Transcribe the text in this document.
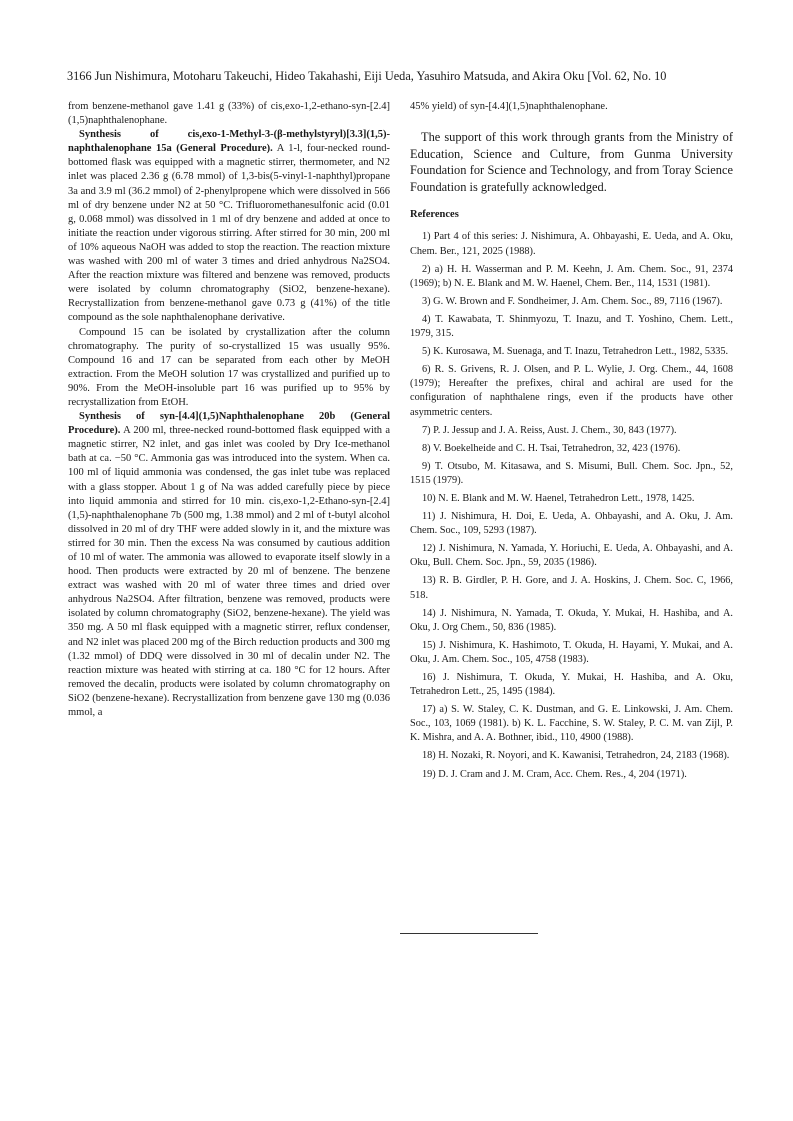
3166 Jun Nishimura, Motoharu Takeuchi, Hideo Takahashi, Eiji Ueda, Yasuhiro Matsuda, and Akira Oku [Vol. 62, No. 10

from benzene-methanol gave 1.41 g (33%) of cis,exo-1,2-ethano-syn-[2.4](1,5)naphthalenophane.

Synthesis of cis,exo-1-Methyl-3-(β-methylstyryl)[3.3](1,5)-naphthalenophane 15a (General Procedure). A 1-l, four-necked round-bottomed flask was equipped with a magnetic stirrer, thermometer, and N2 inlet was placed 2.36 g (6.78 mmol) of 1,3-bis(5-vinyl-1-naphthyl)propane 3a and 3.9 ml (36.2 mmol) of 2-phenylpropene which were dissolved in 566 ml of dry benzene under N2 at 50 °C. Trifluoromethanesulfonic acid (0.01 g, 0.068 mmol) was dissolved in 1 ml of dry benzene and added at once to initiate the reaction under vigorous stirring. After stirred for 30 min, 200 ml of 10% aqueous NaOH was added to stop the reaction. The reaction mixture was washed with 200 ml of water 3 times and dried anhydrous Na2SO4. After the reaction mixture was filtered and benzene was removed, products were isolated by column chromatography (SiO2, benzene-hexane). Recrystallization from benzene-methanol gave 0.73 g (41%) of the title compound as the sole naphthalenophane derivative.

Compound 15 can be isolated by crystallization after the column chromatography. The purity of so-crystallized 15 was usually 95%. Compound 16 and 17 can be separated from each other by MeOH extraction. From the MeOH solution 17 was crystallized and purified up to 90%. From the MeOH-insoluble part 16 was purified up to 95% by recrystallization from EtOH.

Synthesis of syn-[4.4](1,5)Naphthalenophane 20b (General Procedure). A 200 ml, three-necked round-bottomed flask equipped with a magnetic stirrer, N2 inlet, and gas inlet was cooled by Dry Ice-methanol bath at ca. −50 °C. Ammonia gas was introduced into the system. When ca. 100 ml of liquid ammonia was condensed, the gas inlet tube was replaced with a glass stopper. About 1 g of Na was added carefully piece by piece into liquid ammonia and stirred for 10 min. cis,exo-1,2-Ethano-syn-[2.4](1,5)-naphthalenophane 7b (500 mg, 1.38 mmol) and 2 ml of t-butyl alcohol dissolved in 20 ml of dry THF were added slowly in it, and the mixture was stirred for 30 min. Then the excess Na was consumed by cautious addition of 10 ml of water. The ammonia was allowed to evaporate itself slowly in a hood. Then products were extracted by 20 ml of benzene. The benzene extract was washed with 20 ml of water three times and dried over anhydrous Na2SO4. After filtration, benzene was removed, products were isolated by column chromatography (SiO2, benzene-hexane). The yield was 350 mg. A 50 ml flask equipped with a magnetic stirrer, reflux condenser, and N2 inlet was placed 200 mg of the Birch reduction products and 300 mg (1.32 mmol) of DDQ were dissolved in 30 ml of decalin under N2. The reaction mixture was heated with stirring at ca. 180 °C for 12 hours. After removed the decalin, products were isolated by column chromatography on SiO2 (benzene-hexane). Recrystallization from benzene gave 130 mg (0.036 mmol, a

45% yield) of syn-[4.4](1,5)naphthalenophane.

The support of this work through grants from the Ministry of Education, Science and Culture, from Gunma University Foundation for Science and Technology, and from Toray Science Foundation is gratefully acknowledged.

References
1) Part 4 of this series: J. Nishimura, A. Ohbayashi, E. Ueda, and A. Oku, Chem. Ber., 121, 2025 (1988).
2) a) H. H. Wasserman and P. M. Keehn, J. Am. Chem. Soc., 91, 2374 (1969); b) N. E. Blank and M. W. Haenel, Chem. Ber., 114, 1531 (1981).
3) G. W. Brown and F. Sondheimer, J. Am. Chem. Soc., 89, 7116 (1967).
4) T. Kawabata, T. Shinmyozu, T. Inazu, and T. Yoshino, Chem. Lett., 1979, 315.
5) K. Kurosawa, M. Suenaga, and T. Inazu, Tetrahedron Lett., 1982, 5335.
6) R. S. Grivens, R. J. Olsen, and P. L. Wylie, J. Org. Chem., 44, 1608 (1979); Hereafter the prefixes, chiral and achiral are used for the configuration of naphthalene rings, even if the products have other asymmetric centers.
7) P. J. Jessup and J. A. Reiss, Aust. J. Chem., 30, 843 (1977).
8) V. Boekelheide and C. H. Tsai, Tetrahedron, 32, 423 (1976).
9) T. Otsubo, M. Kitasawa, and S. Misumi, Bull. Chem. Soc. Jpn., 52, 1515 (1979).
10) N. E. Blank and M. W. Haenel, Tetrahedron Lett., 1978, 1425.
11) J. Nishimura, H. Doi, E. Ueda, A. Ohbayashi, and A. Oku, J. Am. Chem. Soc., 109, 5293 (1987).
12) J. Nishimura, N. Yamada, Y. Horiuchi, E. Ueda, A. Ohbayashi, and A. Oku, Bull. Chem. Soc. Jpn., 59, 2035 (1986).
13) R. B. Girdler, P. H. Gore, and J. A. Hoskins, J. Chem. Soc. C, 1966, 518.
14) J. Nishimura, N. Yamada, T. Okuda, Y. Mukai, H. Hashiba, and A. Oku, J. Org Chem., 50, 836 (1985).
15) J. Nishimura, K. Hashimoto, T. Okuda, H. Hayami, Y. Mukai, and A. Oku, J. Am. Chem. Soc., 105, 4758 (1983).
16) J. Nishimura, T. Okuda, Y. Mukai, H. Hashiba, and A. Oku, Tetrahedron Lett., 25, 1495 (1984).
17) a) S. W. Staley, C. K. Dustman, and G. E. Linkowski, J. Am. Chem. Soc., 103, 1069 (1981). b) K. L. Facchine, S. W. Staley, P. C. M. van Zijl, P. K. Mishra, and A. A. Bothner, ibid., 110, 4900 (1988).
18) H. Nozaki, R. Noyori, and K. Kawanisi, Tetrahedron, 24, 2183 (1968).
19) D. J. Cram and J. M. Cram, Acc. Chem. Res., 4, 204 (1971).
